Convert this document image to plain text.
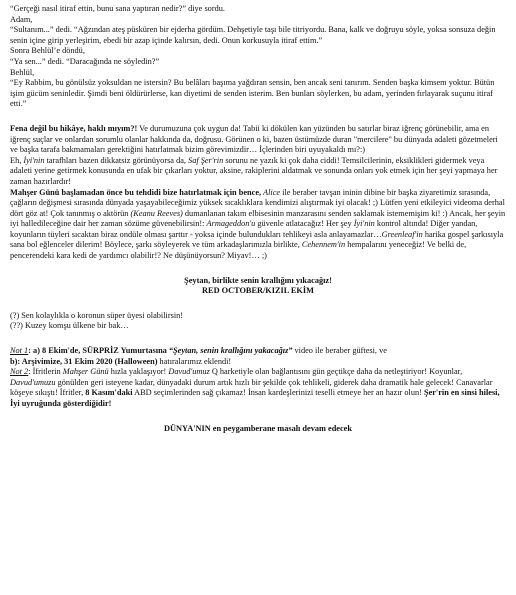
“Gerçeği nasıl itiraf ettin, bunu sana yaptıran nedir?” diye sordu.

Adam,

“Sultanım...” dedi. “Ağzından ateş püsküren bir ejderha gördüm. Dehşetiyle taşı bile titriyordu. Bana, kalk ve doğruyu söyle, yoksa sonsuza değin senin içine girip yerleşirim, ebedi bir azap içinde kalırsın, dedi. Onun korkusuyla itiraf ettim.”

Sonra Behlül’e döndü,

“Ya sen...” dedi. “Daracağında ne söyledin?”

Behlül,

“Ey Rabbim, bu gönülsüz yoksuldan ne istersin? Bu belâları başıma yağdıran sensin, ben ancak seni tanırım. Senden başka kimsem yoktur. Bütün işim gücüm seninledir. Şimdi beni öldürürlerse, kan diyetimi de senden isterim. Ben bunları söylerken, bu adam, yerinden fırlayarak suçunu itiraf etti.”

Fena değil bu hikâye, haklı mıyım?! Ve durumuzuna çok uygun da! Tabii ki dökülen kan yüzünden bu satırlar biraz iğrenç görünebilir, ama en iğrenç suçlar ve onlardan sorumlu olanlar hakkında da, doğrusu. Görünen o ki, bazen üstümüzde duran "mercilere" bu dünyada adaleti gözetmeleri ve başka tarafa bakmamaları gerektiğini hatırlatmak bizim görevimizdir… İçlerinden biri uyuyakaldı mı?:)

Eh, İyi'nin tarafhları bazen dikkatsiz görünüyorsa da, Saf Şer'rin sorunu ne yazık ki çok daha ciddi! Temsilcilerinin, eksiklikleri gidermek veya adaleti yerine getirmek konusunda en ufak bir çıkarları yoktur, aksine, rakiplerini aldatmak ve sonunda onları yok etmek için her şeyi yapmaya her zaman hazırlardır!

Mahşer Günü başlamadan önce bu tehdidi bize hatırlatmak için bence, Alice ile beraber tavşan ininin dibine bir başka ziyaretimiz sırasında, çağların değişmesi sırasında dünyada yaşayabileceğimiz yüksek sıcaklıklara kendimizi alıştırmak iyi olacak! ;) Lütfen yeni etkileyici videoma derhal dört göz at! Çok tanınmış o aktörün (Keanu Reeves) dumanlanan takım elbisesinin manzarasını senden saklamak istememişim ki! :) Ancak, her şeyin iyi halledileceğine dair her zaman sözüme güvenebilirsin!: Armageddon'u güvenle atlatacağız! Her şey İyi'nin kontrol altında! Diğer yandan, koyunların tüyleri sıcaktan biraz ondüle olması şarttır - yoksa içinde bulundukları tehlikeyi asla anlayamazlar…Greenleaf'in harika gospel şarkısıyla sana bol eğlenceler dilerim! Böylece, şarkı söyleyerek ve tüm arkadaşlarımızla birlikte, Cehennem'in hempalarını yeneceğiz! Ve belki de, pencerendeki kara kedi de yardımcı olabilir!? Ne düşünüyorsun? Miyav!… ;)

Şeytan, birlikte senin krallığını yıkacağız!

RED OCTOBER/KIZIL EKİM

(?) Sen kolaylıkla o koronun süper üyesi olabilirsin!

(??) Kuzey komşu ülkene bir bak…

Not 1: a) 8 Ekim'de, SÜRPRİZ Yumurtasına “Şeytan, senin krallığını yakacağız” video ile beraber güftesi, ve

b): Arşivimize, 31 Ekim 2020 (Halloween) hatıralarımız eklendi!

Not 2: İfritlerin Mahşer Günü hızla yaklaşıyor! Davud'umuz Q harketiyle olan bağlantısını gün geçtikçe daha da netleştiriyor! Koyunlar, Davud'umuzu gönülden geri isteyene kadar, dünyadaki durum artık hızlı bir şekilde çok tehlikeli, giderek daha dramatik hale gelecek! Canavarlar köşeye sıkıştı! İfritler, 8 Kasım'daki ABD seçimlerinden sağ çıkamaz! İnsan kardeşlerinizi teselli etmeye her an hazır olun! Şer'rin en sinsi hilesi, İyi uyruğunda gösterdiğidir!

DÜNYA'NIN en peygamberane masalı devam edecek
